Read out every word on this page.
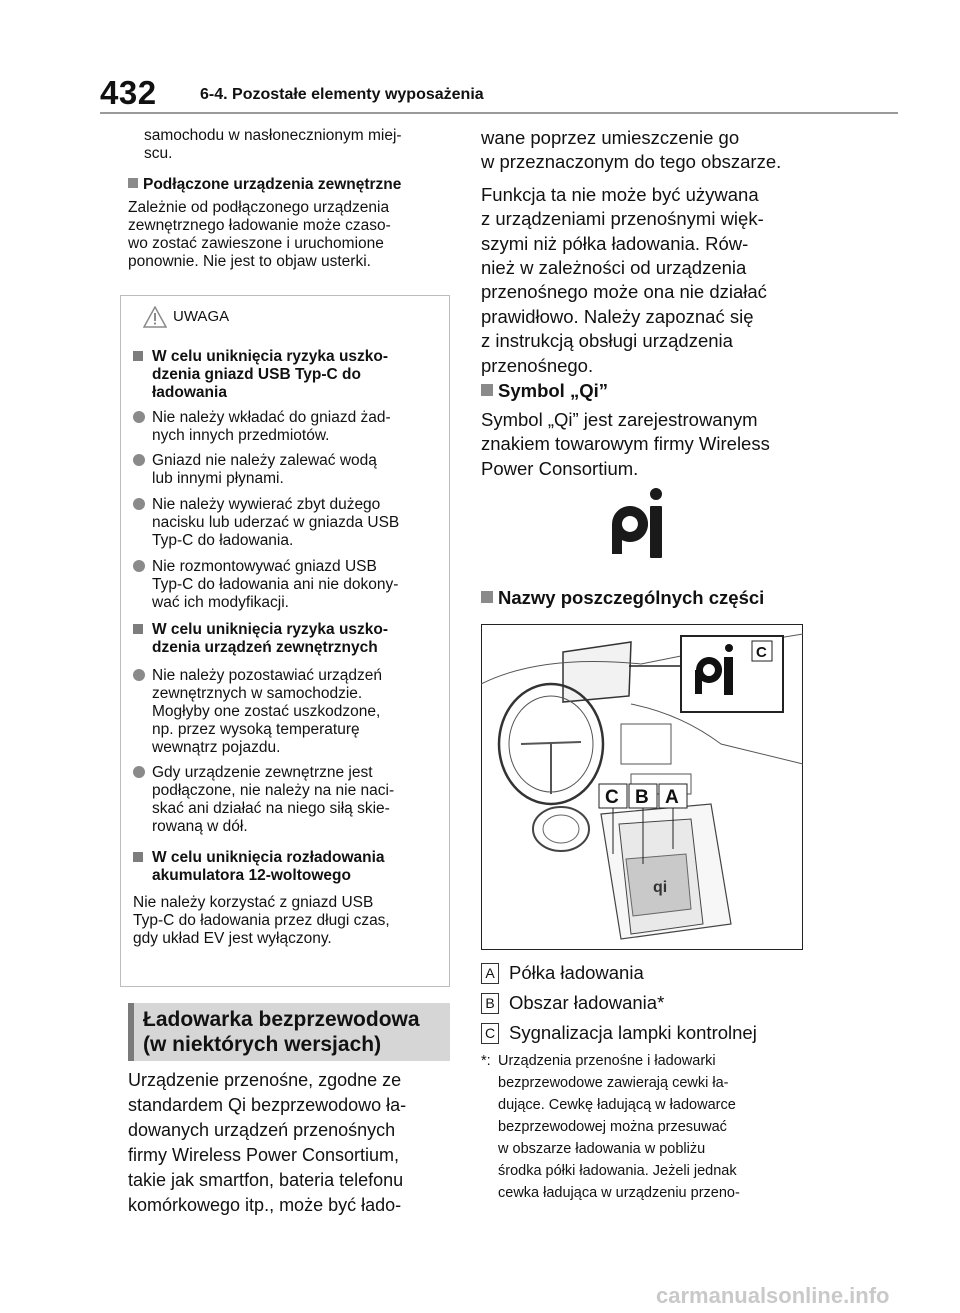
432	6-4. Pozostałe elementy wyposażenia
samochodu w nasłonecznionym miej-
scu.
Podłączone urządzenia zewnętrzne
Zależnie od podłączonego urządzenia
zewnętrznego ładowanie może czaso-
wo zostać zawieszone i uruchomione
ponownie. Nie jest to objaw usterki.
UWAGA
W celu uniknięcia ryzyka uszko-
dzenia gniazd USB Typ-C do
ładowania
Nie należy wkładać do gniazd żad-
nych innych przedmiotów.
Gniazd nie należy zalewać wodą
lub innymi płynami.
Nie należy wywierać zbyt dużego
nacisku lub uderzać w gniazda USB
Typ-C do ładowania.
Nie rozmontowywać gniazd USB
Typ-C do ładowania ani nie dokony-
wać ich modyfikacji.
W celu uniknięcia ryzyka uszko-
dzenia urządzeń zewnętrznych
Nie należy pozostawiać urządzeń
zewnętrznych w samochodzie.
Mogłyby one zostać uszkodzone,
np. przez wysoką temperaturę
wewnątrz pojazdu.
Gdy urządzenie zewnętrzne jest
podłączone, nie należy na nie naci-
skać ani działać na niego siłą skie-
rowaną w dół.
W celu uniknięcia rozładowania
akumulatora 12-woltowego
Nie należy korzystać z gniazd USB
Typ-C do ładowania przez długi czas,
gdy układ EV jest wyłączony.
Ładowarka bezprzewodowa
(w niektórych wersjach)
Urządzenie przenośne, zgodne ze
standardem Qi bezprzewodowo ła-
dowanych urządzeń przenośnych
firmy Wireless Power Consortium,
takie jak smartfon, bateria telefonu
komórkowego itp., może być łado-
wane poprzez umieszczenie go
w przeznaczonym do tego obszarze.
Funkcja ta nie może być używana
z urządzeniami przenośnymi więk-
szymi niż półka ładowania. Rów-
nież w zależności od urządzenia
przenośnego może ona nie działać
prawidłowo. Należy zapoznać się
z instrukcją obsługi urządzenia
przenośnego.
Symbol „Qi”
Symbol „Qi” jest zarejestrowanym
znakiem towarowym firmy Wireless
Power Consortium.
Nazwy poszczególnych części
qi
C
C B A
A Półka ładowania
B Obszar ładowania*
C Sygnalizacja lampki kontrolnej
*: Urządzenia przenośne i ładowarki
bezprzewodowe zawierają cewki ła-
dujące. Cewkę ładującą w ładowarce
bezprzewodowej można przesuwać
w obszarze ładowania w pobliżu
środka półki ładowania. Jeżeli jednak
cewka ładująca w urządzeniu przeno-
carmanualsonline.info
